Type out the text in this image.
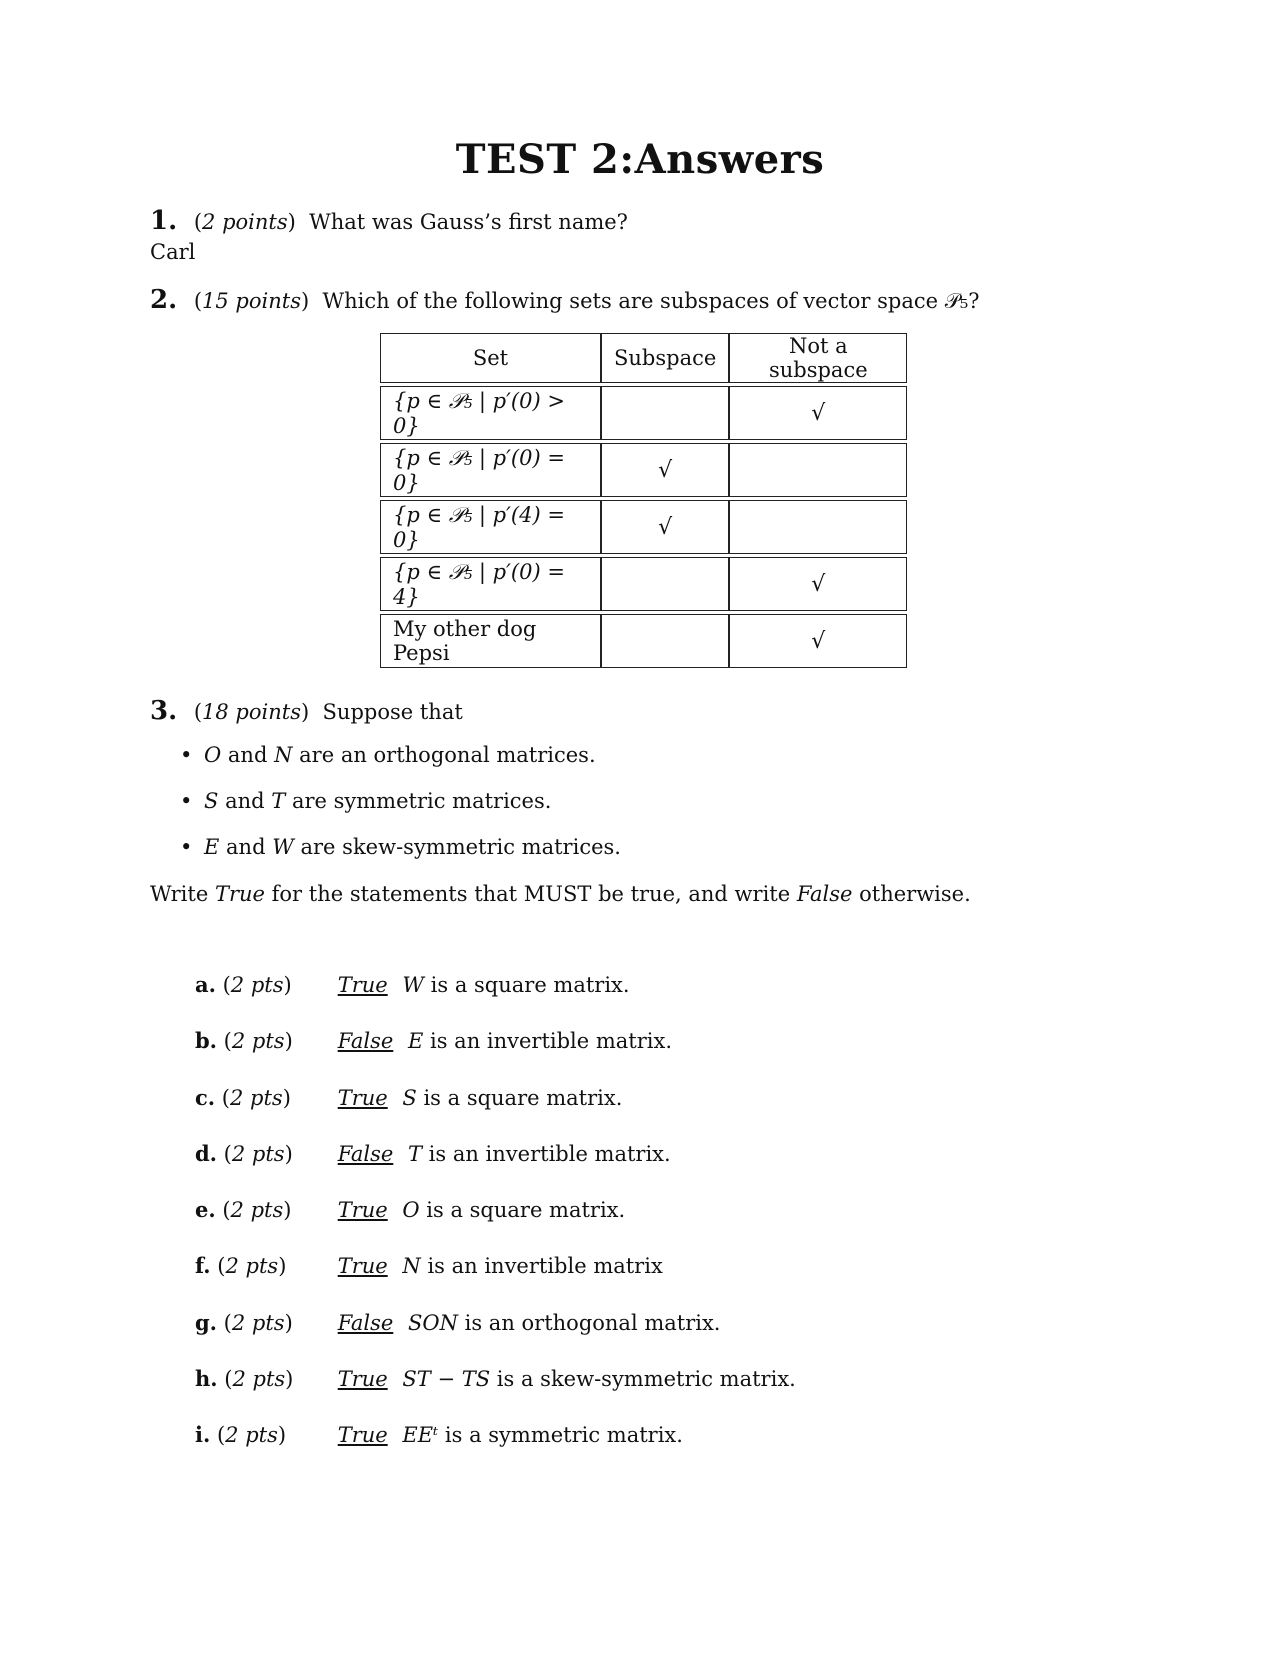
TEST 2:Answers
1. (2 points)  What was Gauss’s first name?
Carl
2. (15 points)  Which of the following sets are subspaces of vector space 𝒫₅?
Set	Subspace	Not a subspace

{p ∈ 𝒫₅ | p′(0) > 0}		√

{p ∈ 𝒫₅ | p′(0) = 0}	√	

{p ∈ 𝒫₅ | p′(4) = 0}	√	

{p ∈ 𝒫₅ | p′(0) = 4}		√

My other dog Pepsi		√
3. (18 points)  Suppose that
• O and N are an orthogonal matrices.
• S and T are symmetric matrices.
• E and W are skew-symmetric matrices.
Write True for the statements that MUST be true, and write False otherwise.
a. (2 pts) True W is a square matrix.
b. (2 pts) False E is an invertible matrix.
c. (2 pts) True S is a square matrix.
d. (2 pts) False T is an invertible matrix.
e. (2 pts) True O is a square matrix.
f. (2 pts) True N is an invertible matrix
g. (2 pts) False SON is an orthogonal matrix.
h. (2 pts) True ST − TS is a skew-symmetric matrix.
i. (2 pts) True EEᵗ is a symmetric matrix.
